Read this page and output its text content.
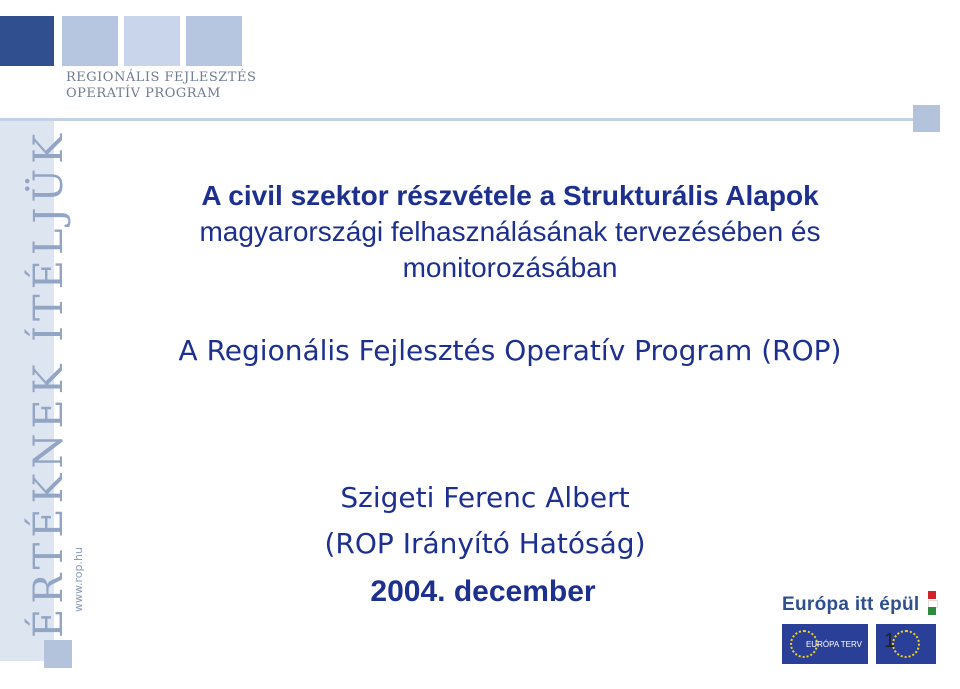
REGIONÁLIS FEJLESZTÉS
OPERATÍV PROGRAM
ÉRTÉKNEK ÍTÉLJÜK www.rop.hu
A civil szektor részvétele a Strukturális Alapok
magyarországi felhasználásának tervezésében és
monitorozásában
A Regionális Fejlesztés Operatív Program (ROP)
Szigeti Ferenc Albert
(ROP Irányító Hatóság)
2004. december	Európa itt épül
EURÓPA TERV 1
